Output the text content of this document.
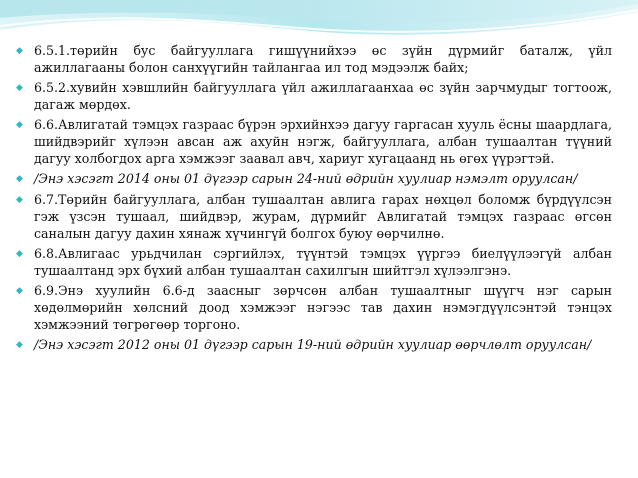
◆ 6.5.1.төрийн бус байгууллага гишүүнийхээ өс зүйн дүрмийг баталж, үйл ажиллагааны болон санхүүгийн тайлангаа ил тод мэдээлж байх;
◆ 6.5.2.хувийн хэвшлийн байгууллага үйл ажиллагаанхаа өс зүйн зарчмудыг тогтоож, дагаж мөрдөх.
◆ 6.6.Авлигатай тэмцэх газраас бүрэн эрхийнхээ дагуу гаргасан хууль ёсны шаардлага, шийдвэрийг хүлээн авсан аж ахуйн нэгж, байгууллага, албан тушаалтан түүний дагуу холбогдох арга хэмжээг заавал авч, хариуг хугацаанд нь өгөх үүрэгтэй.
◆ /Энэ хэсэгт 2014 оны 01 дүгээр сарын 24-ний өдрийн хуулиар нэмэлт оруулсан/
◆ 6.7.Төрийн байгууллага, албан тушаалтан авлига гарах нөхцөл боломж бүрдүүлсэн гэж үзсэн тушаал, шийдвэр, журам, дүрмийг Авлигатай тэмцэх газраас өгсөн саналын дагуу дахин хянаж хүчингүй болгох буюу өөрчилнө.
◆ 6.8.Авлигаас урьдчилан сэргийлэх, түүнтэй тэмцэх үүргээ биелүүлээгүй албан тушаалтанд эрх бүхий албан тушаалтан сахилгын шийтгэл хүлээлгэнэ.
◆ 6.9.Энэ хуулийн 6.6-д заасныг зөрчсөн албан тушаалтныг шүүгч нэг сарын хөдөлмөрийн хөлсний доод хэмжээг нэгээс тав дахин нэмэгдүүлсэнтэй тэнцэх хэмжээний төгрөгөөр торгоно.
◆ /Энэ хэсэгт 2012 оны 01 дүгээр сарын 19-ний өдрийн хуулиар өөрчлөлт оруулсан/
